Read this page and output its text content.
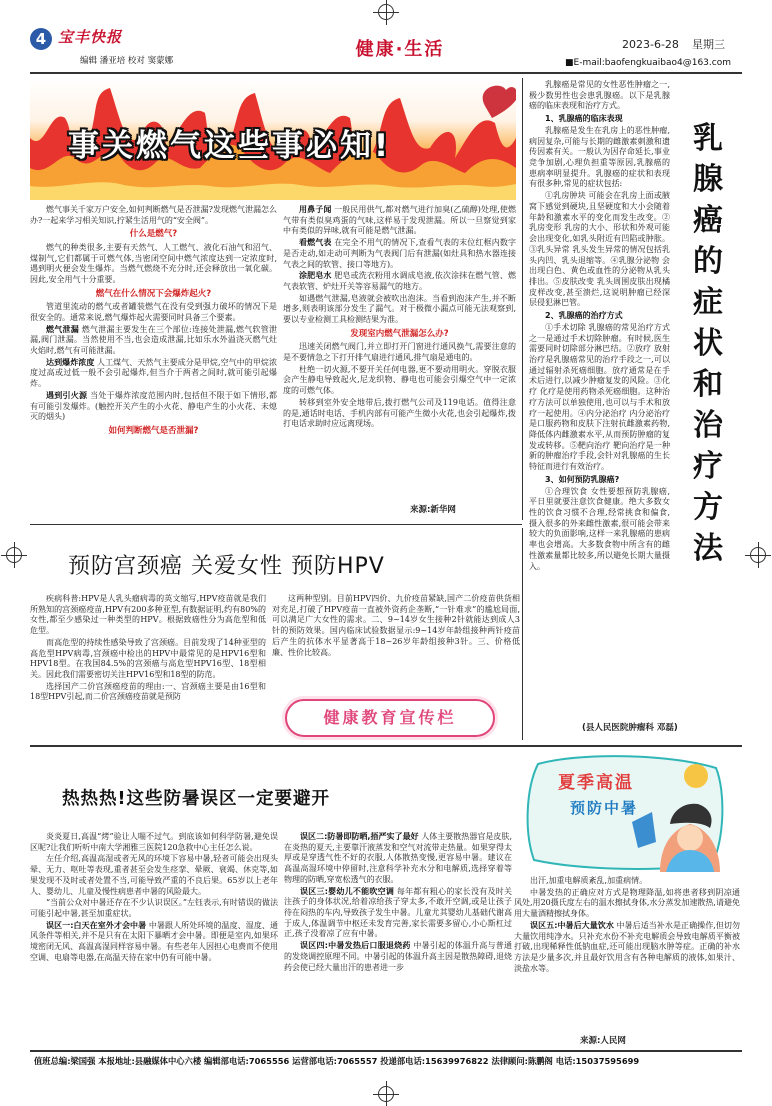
4 宝丰快报
编辑 潘亚培 校对 窦蒙娜
健康·生活	2023-6-28 星期三
■E-mail:baofengkuaibao4@163.com
事关燃气这些事必知!

燃气事关千家万户安全,如何判断燃气是否泄漏?发现燃气泄漏怎么办?一起来学习相关知识,拧紧生活用气的“安全阀”。

什么是燃气?

燃气的种类很多,主要有天然气、人工燃气、液化石油气和沼气、煤制气,它们都属于可燃气体,当密闭空间中燃气浓度达到一定浓度时,遇到明火便会发生爆炸。当燃气燃烧不充分时,还会释放出一氧化碳。因此,安全用气十分重要。

燃气在什么情况下会爆炸起火?

管道里流动的燃气或者罐装燃气在没有受到强力破坏的情况下是很安全的。通常来说,燃气爆炸起火需要同时具备三个要素。

燃气泄漏 燃气泄漏主要发生在三个部位:连接处泄漏,燃气软管泄漏,阀门泄漏。当然使用不当,也会造成泄漏,比如乐水外溢浇灭燃气灶火焰时,燃气有可能泄漏。

达到爆炸浓度 人工煤气、天然气主要成分是甲烷,空气中的甲烷浓度过高或过低一般不会引起爆炸,但当介于两者之间时,就可能引起爆炸。

遇到引火源 当处于爆炸浓度范围内时,包括但不限于如下情形,都有可能引发爆炸。(触控开关产生的小火花、静电产生的小火花、未熄灭的烟头)

如何判断燃气是否泄漏?

用鼻子闻 一般民用供气,都对燃气进行加臭(乙硫醇)处理,使燃气带有类似臭鸡蛋的气味,这样易于发现泄漏。所以一旦察觉到家中有类似的异味,就有可能是燃气泄漏。

看燃气表 在完全不用气的情况下,查看气表的末位红框内数字是否走动,如走动可判断为气表阀门后有泄漏(如灶具和热水器连接气表之间的软管、接口等地方)。

涂肥皂水 肥皂或洗衣粉用水调成皂液,依次涂抹在燃气管、燃气表软管、炉灶开关等容易漏气的地方。

如遇燃气泄漏,皂液就会被吹出泡沫。当看到泡沫产生,并不断增多,则表明该部分发生了漏气。对于极微小漏点可能无法观察到,要以专业检测工具检测结果为准。

发现室内燃气泄漏怎么办?

迅速关闭燃气阀门,并立即打开门窗进行通风换气,需要注意的是不要情急之下打开排气扇进行通风,排气扇是通电的。

杜绝一切火源,不要开关任何电器,更不要动用明火。穿脱衣服会产生静电导致起火,尼龙织物、静电也可能会引爆空气中一定浓度的可燃气体。

转移到室外安全地带后,拨打燃气公司及119电话。值得注意的是,通话时电话、手机内部有可能产生微小火花,也会引起爆炸,拨打电话求助时应远离现场。

来源:新华网

乳腺癌是常见的女性恶性肿瘤之一,极少数男性也会患乳腺癌。以下是乳腺癌的临床表现和治疗方式。

1、乳腺癌的临床表现

乳腺癌是发生在乳房上的恶性肿瘤,病因复杂,可能与长期的雌激素刺激和遗传因素有关。一般认为因存命延长,事业竞争加剧,心理负担重等原因,乳腺癌的患病率明显提升。乳腺癌的症状和表现有很多种,常见的症状包括:

①乳房肿块 可能会在乳房上面或腋窝下感觉到硬块,且坚硬度和大小会随着年龄和激素水平的变化而发生改变。②乳房变形 乳房的大小、形状和外观可能会出现变化,如乳头附近有凹陷或肿胀。③乳头异常 乳头发生异常的情况包括乳头内凹、乳头退缩等。④乳腺分泌物 会出现白色、黄色或血性的分泌物从乳头排出。⑤皮肤改变 乳头周围皮肤出现橘皮样改变,甚至溃烂,这说明肿瘤已经深层侵犯淋巴管。

2、乳腺癌的治疗方式

①手术切除 乳腺癌的常见治疗方式之一是通过手术切除肿瘤。有时候,医生需要同时切除部分淋巴结。②放疗 放射治疗是乳腺癌常见的治疗手段之一,可以通过辐射杀死癌细胞。放疗通常是在手术后进行,以减少肿瘤复发的风险。③化疗 化疗是使用药物杀死癌细胞。这种治疗方法可以单独使用,也可以与手术和放疗一起使用。④内分泌治疗 内分泌治疗是口服药物和皮肤下注射抗雌激素药物,降低体内雌激素水平,从而预防肿瘤的复发或转移。⑤靶向治疗 靶向治疗是一种新的肿瘤治疗手段,会针对乳腺癌的生长特征而进行有效治疗。

3、如何预防乳腺癌?

①合理饮食 女性要想预防乳腺癌,平日里就要注意饮食健康。绝大多数女性的饮食习惯不合理,经常挑食和偏食,摄入很多的外来雌性激素,很可能会带来较大的负面影响,这样一来乳腺癌的患病率也会增高。大多数食物中所含有的雌性激素量都比较多,所以避免长期大量摄入。

乳
腺
癌
的
症
状
和
治
疗
方
法
(县人民医院肿瘤科 邓磊)
预防宫颈癌 关爱女性 预防HPV

疾病科普:HPV是人乳头瘤病毒的英文缩写,HPV疫苗就是我们所熟知的宫颈癌疫苗,HPV有200多种亚型,有数据证明,约有80%的女性,都至少感染过一种类型的HPV。根据致癌性分为高危型和低危型。

而高危型的持续性感染导致了宫颈癌。目前发现了14种亚型的高危型HPV病毒,宫颈癌中检出的HPV中最常见的是HPV16型和HPV18型。在我国84.5%的宫颈癌与高危型HPV16型、18型相关。因此我们需要密切关注HPV16型和18型的防范。

选择国产二价宫颈癌疫苗的理由:一、宫颈癌主要是由16型和18型HPV引起,而二价宫颈癌疫苗就是预防

这两种型别。目前HPV四价、九价疫苗紧缺,国产二价疫苗供货相对充足,打破了HPV疫苗一直被外资药企垄断,“一针难求”的尴尬局面,可以满足广大女性的需求。二、9~14岁女生接种2针就能达到成人3针的预防效果。国内临床试验数据显示:9~14岁年龄组接种两针疫苗后产生的抗体水平显著高于18~26岁年龄组接种3针。三、价格低廉、性价比较高。

健康教育宣传栏
热热热!这些防暑误区一定要避开
夏季高温
预防中暑

炎炎夏日,高温“烤”验让人喘不过气。到底该如何科学防暑,避免误区呢?让我们听听中南大学湘雅三医院120急救中心主任怎么说。

左任介绍,高温高湿或者无风的环境下容易中暑,轻者可能会出现头晕、无力、呕吐等表现,重者甚至会发生痉挛、晕厥、衰竭、休克等,如果发现不及时或者处置不当,可能导致严重的不良后果。65岁以上老年人、婴幼儿、儿童及慢性病患者中暑的风险最大。

“当前公众对中暑还存在不少认识误区。”左钰表示,有时错误的做法可能引起中暑,甚至加重症状。

误区一:白天在室外才会中暑 中暑跟人所处环境的温度、湿度、通风条件等相关,并不是只有在太阳下暴晒才会中暑。即便是室内,如果环境密闭无风、高温高湿同样容易中暑。有些老年人因担心电费而不使用空调、电扇等电器,在高温天待在家中仍有可能中暑。

误区二:防暑即防晒,捂严实了最好 人体主要散热器官是皮肤,在炎热的夏天,主要靠汗液蒸发和空气对流带走热量。如果穿得太厚或是穿透气性不好的衣服,人体散热变慢,更容易中暑。建议在高温高湿环境中停留时,注意科学补充水分和电解质,选择穿着等物理的防晒,穿宽松透气的衣服。

误区三:婴幼儿不能吹空调 每年都有粗心的家长没有及时关注孩子的身体状况,给着凉给孩子穿太多,不敢开空调,或是让孩子待在闷热的车内,导致孩子发生中暑。儿童尤其婴幼儿基础代谢高于成人,体温调节中枢还未发育完善,家长需要多留心,小心斯杠过正,孩子没着凉了应有中暑。

误区四:中暑发热后口服退烧药 中暑引起的体温升高与普通的发烧调控原理不同。中暑引起的体温升高主因是散热障碍,退烧药会使已经大量出汗的患者进一步

出汗,加重电解质紊乱,加重病情。

中暑发热的正确应对方式是物理降温,如将患者移到阴凉通风处,用20摄氏度左右的温水擦拭身体,水分蒸发加速散热,请避免用大量酒精擦拭身体。

误区五:中暑后大量饮水 中暑后适当补水是正确操作,但切勿大量饮用纯净水。只补充水份不补充电解质会导致电解质平衡被打破,出现稀释性低钠血症,还可能出现脑水肿等症。正确的补水方法是少量多次,并且最好饮用含有各种电解质的液体,如果汁、淡盐水等。

来源:人民网
值班总编:梁国强 本报地址:县融媒体中心六楼 编辑部电话:7065556 运营部电话:7065557 投递部电话:15639976822 法律顾问:陈鹏阁 电话:15037595699
